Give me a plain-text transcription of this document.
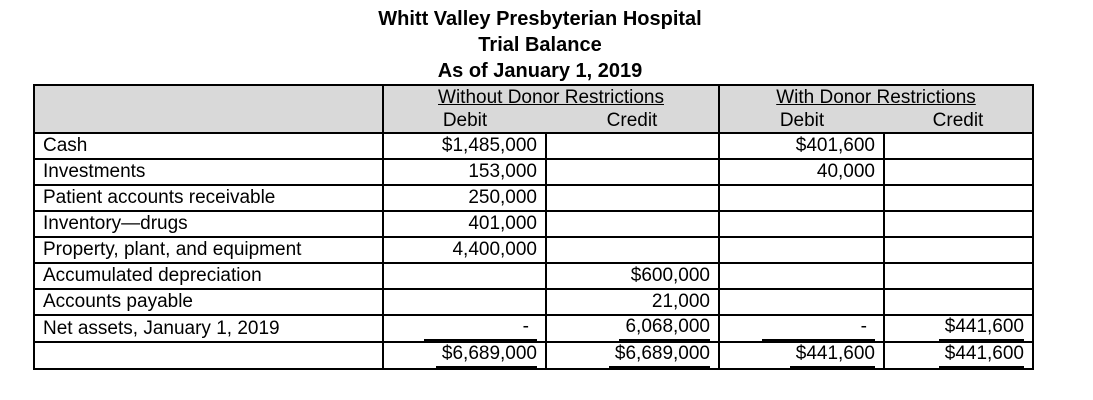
Whitt Valley Presbyterian Hospital
Trial Balance
As of January 1, 2019
	Without Donor Restrictions		With Donor Restrictions	
	Debit	Credit	Debit	Credit
Cash	$1,485,000		$401,600	
Investments	153,000		40,000	
Patient accounts receivable	250,000			
Inventory—drugs	401,000			
Property, plant, and equipment	4,400,000			
Accumulated depreciation		$600,000		
Accounts payable		21,000		
Net assets, January 1, 2019	-	6,068,000	-	$441,600
	$6,689,000	$6,689,000	$441,600	$441,600
